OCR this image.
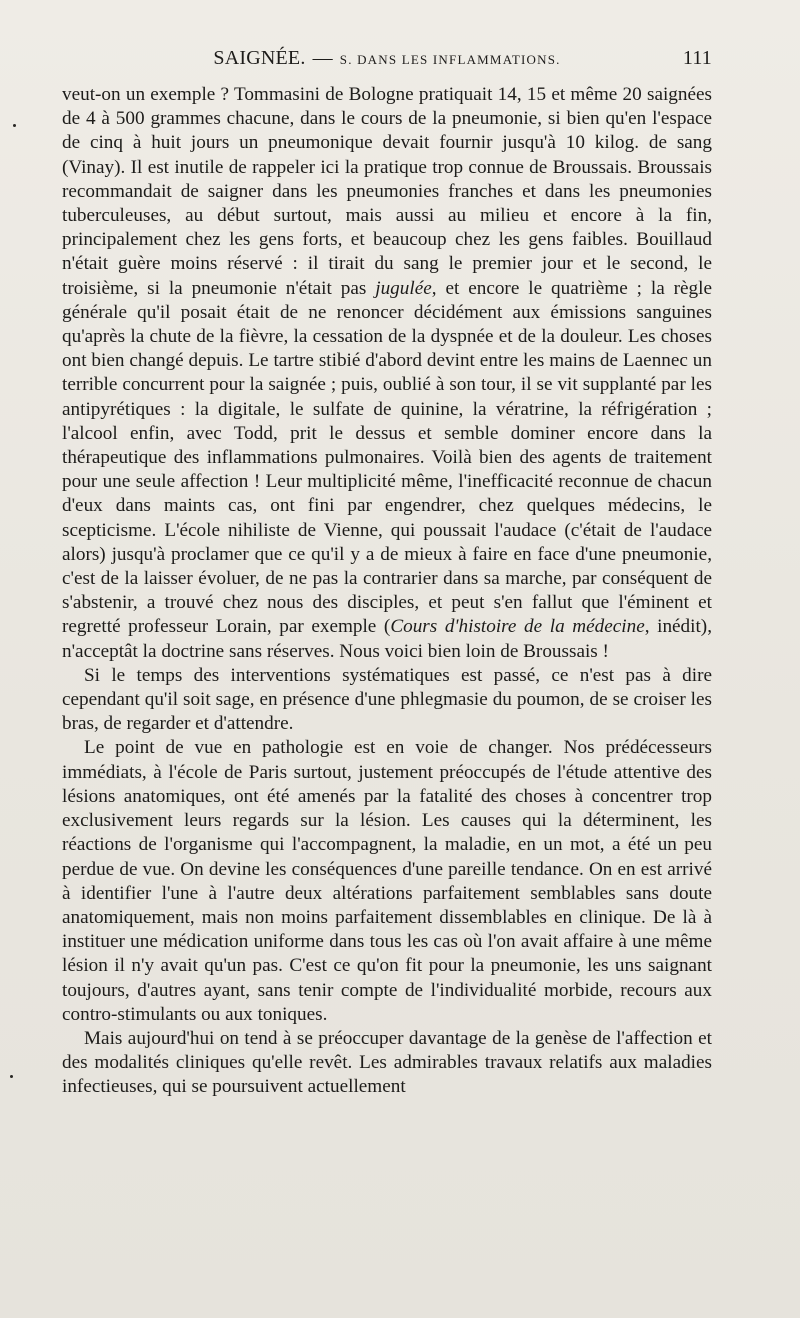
SAIGNÉE. — S. DANS LES INFLAMMATIONS.	111

veut-on un exemple ? Tommasini de Bologne pratiquait 14, 15 et même 20 saignées de 4 à 500 grammes chacune, dans le cours de la pneumonie, si bien qu'en l'espace de cinq à huit jours un pneumonique devait fournir jusqu'à 10 kilog. de sang (Vinay). Il est inutile de rappeler ici la pratique trop connue de Broussais. Broussais recommandait de saigner dans les pneumonies franches et dans les pneumonies tuberculeuses, au début surtout, mais aussi au milieu et encore à la fin, principalement chez les gens forts, et beaucoup chez les gens faibles. Bouillaud n'était guère moins réservé : il tirait du sang le premier jour et le second, le troisième, si la pneumonie n'était pas jugulée, et encore le quatrième ; la règle générale qu'il posait était de ne renoncer décidément aux émissions sanguines qu'après la chute de la fièvre, la cessation de la dyspnée et de la douleur. Les choses ont bien changé depuis. Le tartre stibié d'abord devint entre les mains de Laennec un terrible concurrent pour la saignée ; puis, oublié à son tour, il se vit supplanté par les antipyrétiques : la digitale, le sulfate de quinine, la vératrine, la réfrigération ; l'alcool enfin, avec Todd, prit le dessus et semble dominer encore dans la thérapeutique des inflammations pulmonaires. Voilà bien des agents de traitement pour une seule affection ! Leur multiplicité même, l'inefficacité reconnue de chacun d'eux dans maints cas, ont fini par engendrer, chez quelques médecins, le scepticisme. L'école nihiliste de Vienne, qui poussait l'audace (c'était de l'audace alors) jusqu'à proclamer que ce qu'il y a de mieux à faire en face d'une pneumonie, c'est de la laisser évoluer, de ne pas la contrarier dans sa marche, par conséquent de s'abstenir, a trouvé chez nous des disciples, et peut s'en fallut que l'éminent et regretté professeur Lorain, par exemple (Cours d'histoire de la médecine, inédit), n'acceptât la doctrine sans réserves. Nous voici bien loin de Broussais !

Si le temps des interventions systématiques est passé, ce n'est pas à dire cependant qu'il soit sage, en présence d'une phlegmasie du poumon, de se croiser les bras, de regarder et d'attendre.

Le point de vue en pathologie est en voie de changer. Nos prédécesseurs immédiats, à l'école de Paris surtout, justement préoccupés de l'étude attentive des lésions anatomiques, ont été amenés par la fatalité des choses à concentrer trop exclusivement leurs regards sur la lésion. Les causes qui la déterminent, les réactions de l'organisme qui l'accompagnent, la maladie, en un mot, a été un peu perdue de vue. On devine les conséquences d'une pareille tendance. On en est arrivé à identifier l'une à l'autre deux altérations parfaitement semblables sans doute anatomiquement, mais non moins parfaitement dissemblables en clinique. De là à instituer une médication uniforme dans tous les cas où l'on avait affaire à une même lésion il n'y avait qu'un pas. C'est ce qu'on fit pour la pneumonie, les uns saignant toujours, d'autres ayant, sans tenir compte de l'individualité morbide, recours aux contro-stimulants ou aux toniques.

Mais aujourd'hui on tend à se préoccuper davantage de la genèse de l'affection et des modalités cliniques qu'elle revêt. Les admirables travaux relatifs aux maladies infectieuses, qui se poursuivent actuellement
